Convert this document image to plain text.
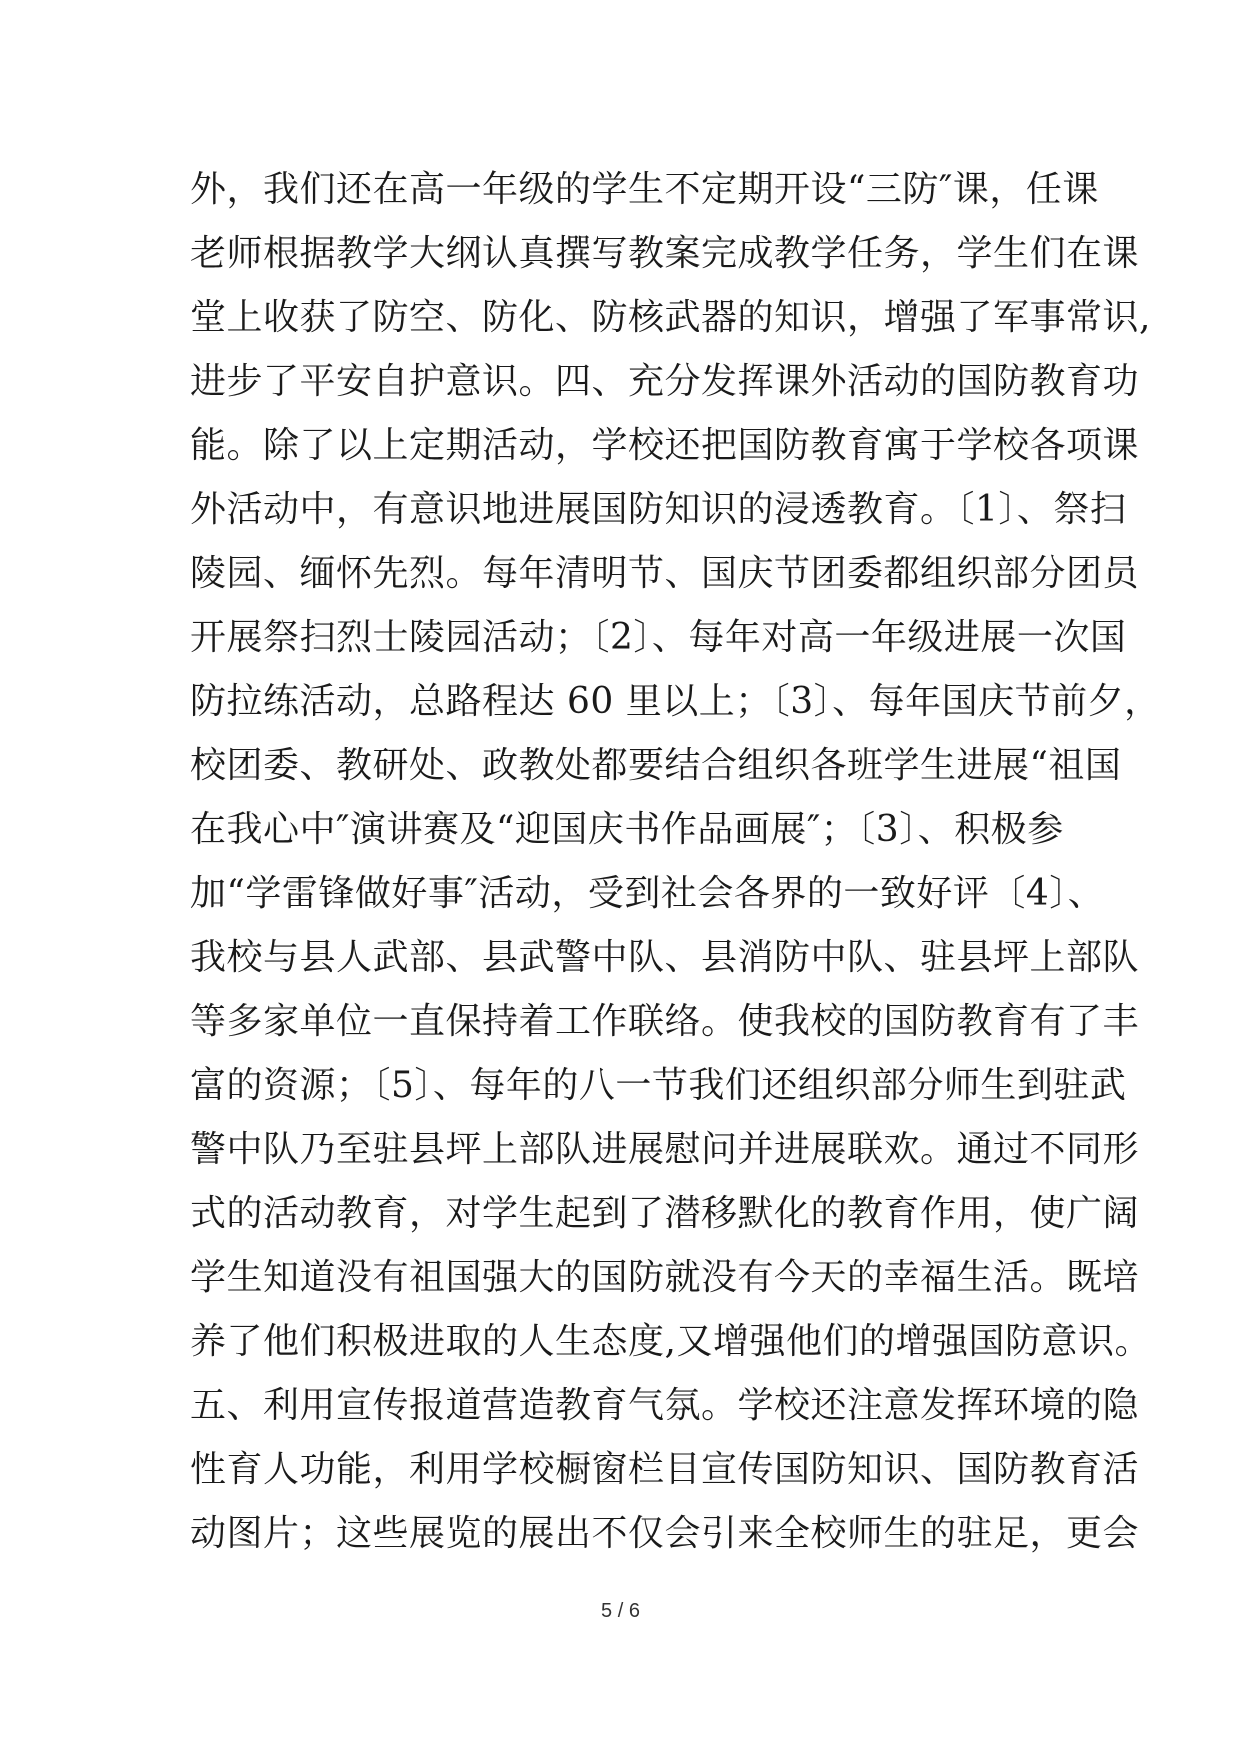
外，我们还在高一年级的学生不定期开设“三防″课，任课
老师根据教学大纲认真撰写教案完成教学任务，学生们在课
堂上收获了防空、防化、防核武器的知识，增强了军事常识,
进步了平安自护意识。四、充分发挥课外活动的国防教育功
能。除了以上定期活动，学校还把国防教育寓于学校各项课
外活动中，有意识地进展国防知识的浸透教育。〔1〕、祭扫
陵园、缅怀先烈。每年清明节、国庆节团委都组织部分团员
开展祭扫烈士陵园活动；〔2〕、每年对高一年级进展一次国
防拉练活动，总路程达 60 里以上；〔3〕、每年国庆节前夕，
校团委、教研处、政教处都要结合组织各班学生进展“祖国
在我心中″演讲赛及“迎国庆书作品画展″；〔3〕、积极参
加“学雷锋做好事″活动，受到社会各界的一致好评〔4〕、
我校与县人武部、县武警中队、县消防中队、驻县坪上部队
等多家单位一直保持着工作联络。使我校的国防教育有了丰
富的资源；〔5〕、每年的八一节我们还组织部分师生到驻武
警中队乃至驻县坪上部队进展慰问并进展联欢。通过不同形
式的活动教育，对学生起到了潜移默化的教育作用，使广阔
学生知道没有祖国强大的国防就没有今天的幸福生活。既培
养了他们积极进取的人生态度,又增强他们的增强国防意识。
五、利用宣传报道营造教育气氛。学校还注意发挥环境的隐
性育人功能，利用学校橱窗栏目宣传国防知识、国防教育活
动图片；这些展览的展出不仅会引来全校师生的驻足，更会
5 / 6
